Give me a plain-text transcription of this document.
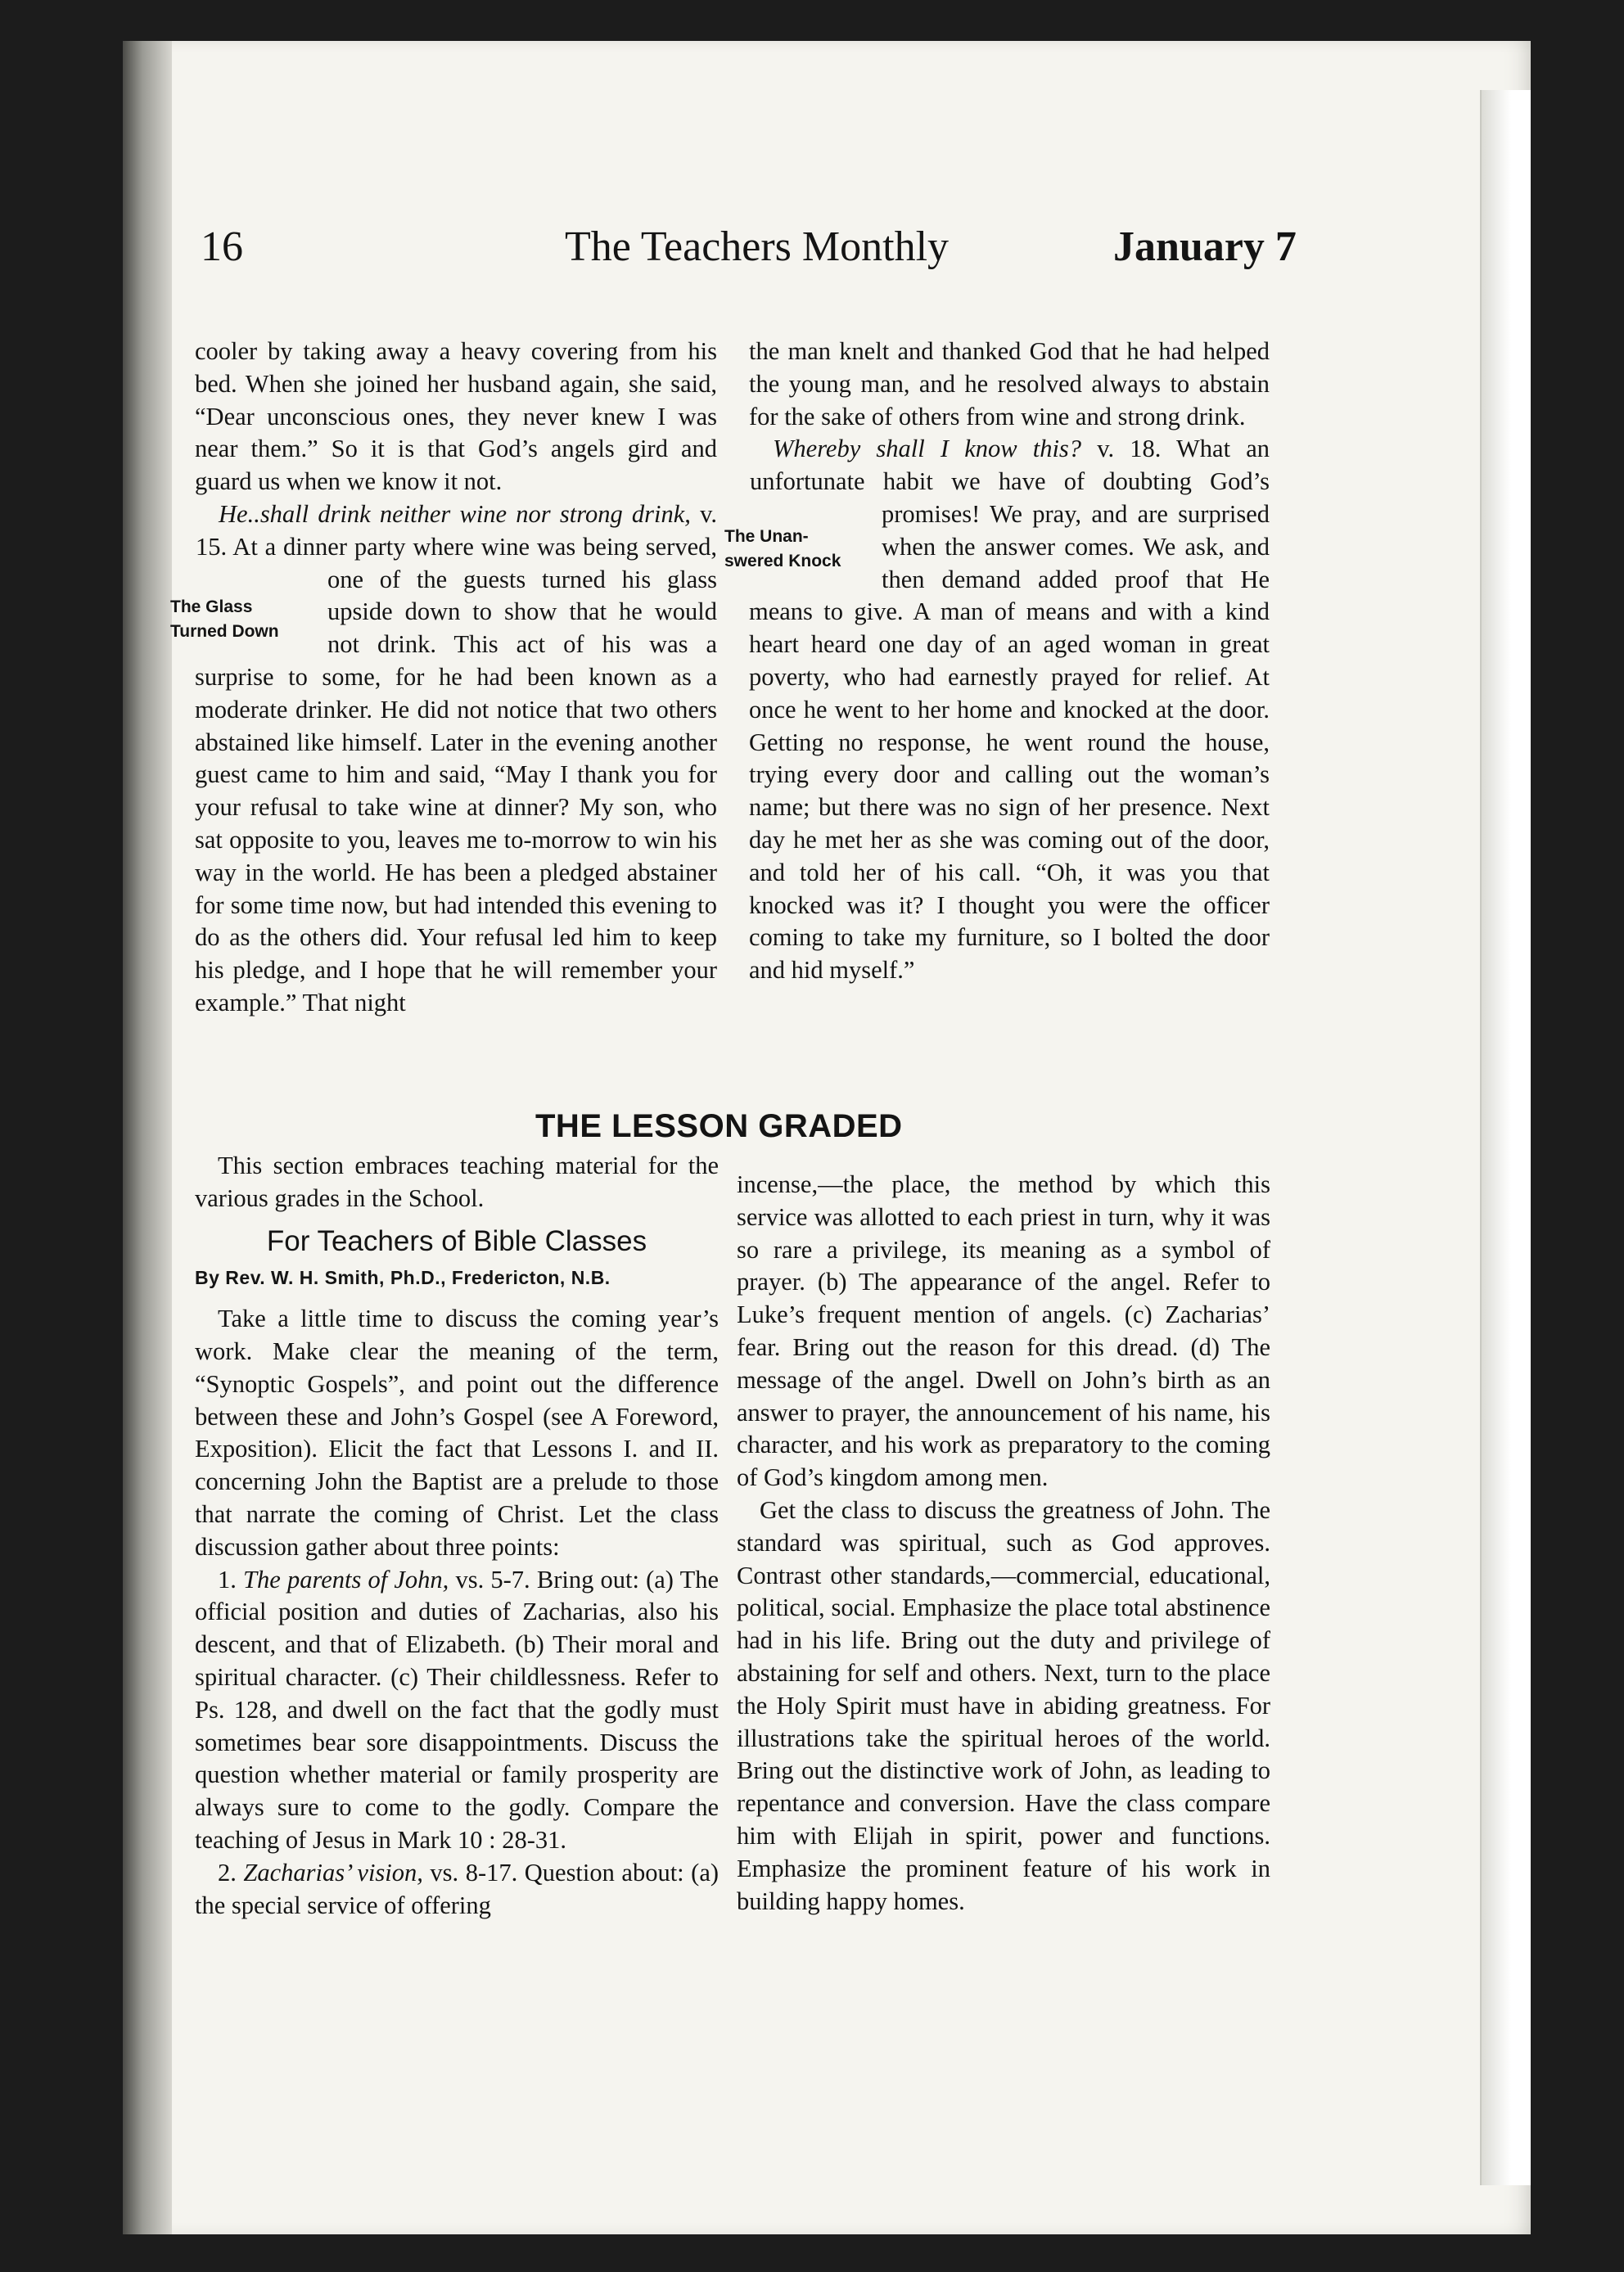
16	The Teachers Monthly	January 7

cooler by taking away a heavy covering from his bed. When she joined her husband again, she said, “Dear unconscious ones, they never knew I was near them.” So it is that God’s angels gird and guard us when we know it not.

The Glass
Turned Down
He..shall drink neither wine nor strong drink, v. 15. At a dinner party where wine was being served, one of the guests turned his glass upside down to show that he would not drink. This act of his was a surprise to some, for he had been known as a moderate drinker. He did not notice that two others abstained like himself. Later in the evening another guest came to him and said, “May I thank you for your refusal to take wine at dinner? My son, who sat opposite to you, leaves me to-morrow to win his way in the world. He has been a pledged abstainer for some time now, but had intended this evening to do as the others did. Your refusal led him to keep his pledge, and I hope that he will remember your example.” That night

the man knelt and thanked God that he had helped the young man, and he resolved always to abstain for the sake of others from wine and strong drink.

The Unan-
swered Knock
Whereby shall I know this? v. 18. What an unfortunate habit we have of doubting God’s promises! We pray, and are surprised when the answer comes. We ask, and then demand added proof that He means to give. A man of means and with a kind heart heard one day of an aged woman in great poverty, who had earnestly prayed for relief. At once he went to her home and knocked at the door. Getting no response, he went round the house, trying every door and calling out the woman’s name; but there was no sign of her presence. Next day he met her as she was coming out of the door, and told her of his call. “Oh, it was you that knocked was it? I thought you were the officer coming to take my furniture, so I bolted the door and hid myself.”

THE LESSON GRADED

This section embraces teaching material for the various grades in the School.

For Teachers of Bible Classes

By Rev. W. H. Smith, Ph.D., Fredericton, N.B.

Take a little time to discuss the coming year’s work. Make clear the meaning of the term, “Synoptic Gospels”, and point out the difference between these and John’s Gospel (see A Foreword, Exposition). Elicit the fact that Lessons I. and II. concerning John the Baptist are a prelude to those that narrate the coming of Christ. Let the class discussion gather about three points:

1. The parents of John, vs. 5-7. Bring out: (a) The official position and duties of Zacharias, also his descent, and that of Elizabeth. (b) Their moral and spiritual character. (c) Their childlessness. Refer to Ps. 128, and dwell on the fact that the godly must sometimes bear sore disappointments. Discuss the question whether material or family prosperity are always sure to come to the godly. Compare the teaching of Jesus in Mark 10 : 28-31.

2. Zacharias’ vision, vs. 8-17. Question about: (a) the special service of offering

incense,—the place, the method by which this service was allotted to each priest in turn, why it was so rare a privilege, its meaning as a symbol of prayer. (b) The appearance of the angel. Refer to Luke’s frequent mention of angels. (c) Zacharias’ fear. Bring out the reason for this dread. (d) The message of the angel. Dwell on John’s birth as an answer to prayer, the announcement of his name, his character, and his work as preparatory to the coming of God’s kingdom among men.

Get the class to discuss the greatness of John. The standard was spiritual, such as God approves. Contrast other standards,—commercial, educational, political, social. Emphasize the place total abstinence had in his life. Bring out the duty and privilege of abstaining for self and others. Next, turn to the place the Holy Spirit must have in abiding greatness. For illustrations take the spiritual heroes of the world. Bring out the distinctive work of John, as leading to repentance and conversion. Have the class compare him with Elijah in spirit, power and functions. Emphasize the prominent feature of his work in building happy homes.
